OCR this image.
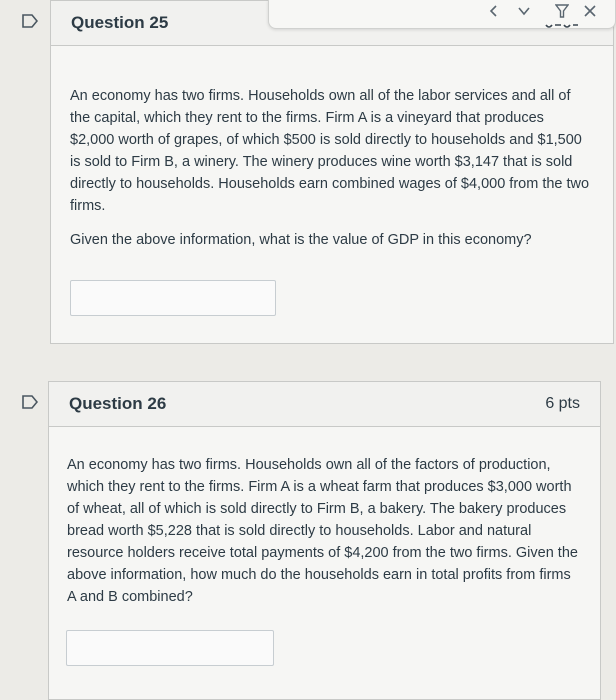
Question 25

An economy has two firms. Households own all of the labor services and all of the capital, which they rent to the firms. Firm A is a vineyard that produces $2,000 worth of grapes, of which $500 is sold directly to households and $1,500 is sold to Firm B, a winery. The winery produces wine worth $3,147 that is sold directly to households. Households earn combined wages of $4,000 from the two firms.

Given the above information, what is the value of GDP in this economy?

Question 26	6 pts

An economy has two firms. Households own all of the factors of production, which they rent to the firms. Firm A is a wheat farm that produces $3,000 worth of wheat, all of which is sold directly to Firm B, a bakery. The bakery produces bread worth $5,228 that is sold directly to households. Labor and natural resource holders receive total payments of $4,200 from the two firms. Given the above information, how much do the households earn in total profits from firms A and B combined?
